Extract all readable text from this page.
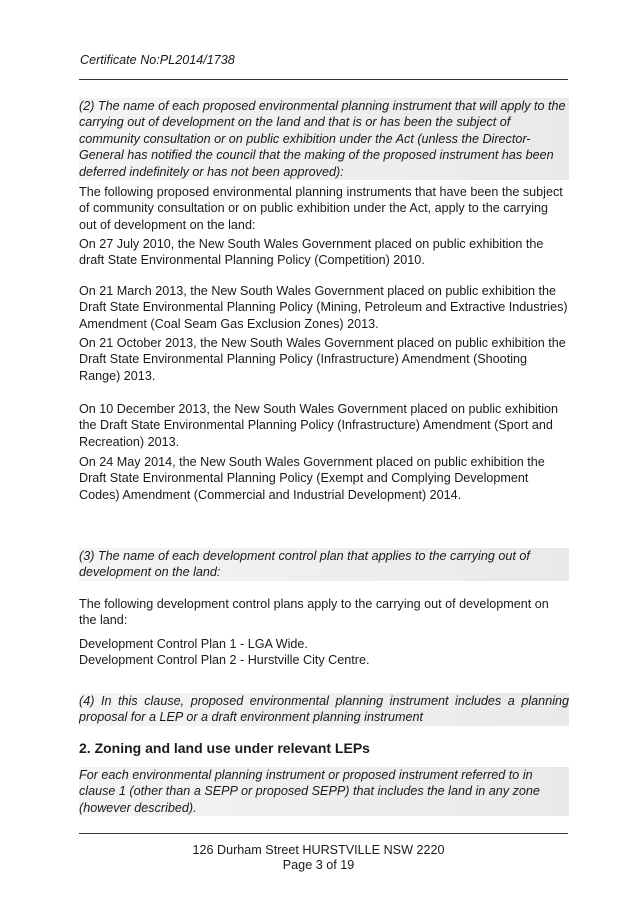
Certificate No:PL2014/1738

(2) The name of each proposed environmental planning instrument that will apply to the carrying out of development on the land and that is or has been the subject of community consultation or on public exhibition under the Act (unless the Director-General has notified the council that the making of the proposed instrument has been deferred indefinitely or has not been approved):

The following proposed environmental planning instruments that have been the subject of community consultation or on public exhibition under the Act, apply to the carrying out of development on the land:

On 27 July 2010, the New South Wales Government placed on public exhibition the draft State Environmental Planning Policy (Competition) 2010.

On 21 March 2013, the New South Wales Government placed on public exhibition the Draft State Environmental Planning Policy (Mining, Petroleum and Extractive Industries) Amendment (Coal Seam Gas Exclusion Zones) 2013.

On 21 October 2013, the New South Wales Government placed on public exhibition the Draft State Environmental Planning Policy (Infrastructure) Amendment (Shooting Range) 2013.

On 10 December 2013, the New South Wales Government placed on public exhibition the Draft State Environmental Planning Policy (Infrastructure) Amendment (Sport and Recreation) 2013.

On 24 May 2014, the New South Wales Government placed on public exhibition the Draft State Environmental Planning Policy (Exempt and Complying Development Codes) Amendment (Commercial and Industrial Development) 2014.

(3) The name of each development control plan that applies to the carrying out of development on the land:

The following development control plans apply to the carrying out of development on the land:

Development Control Plan 1 - LGA Wide.

Development Control Plan 2 - Hurstville City Centre.

(4) In this clause, proposed environmental planning instrument includes a planning proposal for a LEP or a draft environment planning instrument

2. Zoning and land use under relevant LEPs

For each environmental planning instrument or proposed instrument referred to in clause 1 (other than a SEPP or proposed SEPP) that includes the land in any zone (however described).

126 Durham Street HURSTVILLE NSW 2220
Page 3 of 19
